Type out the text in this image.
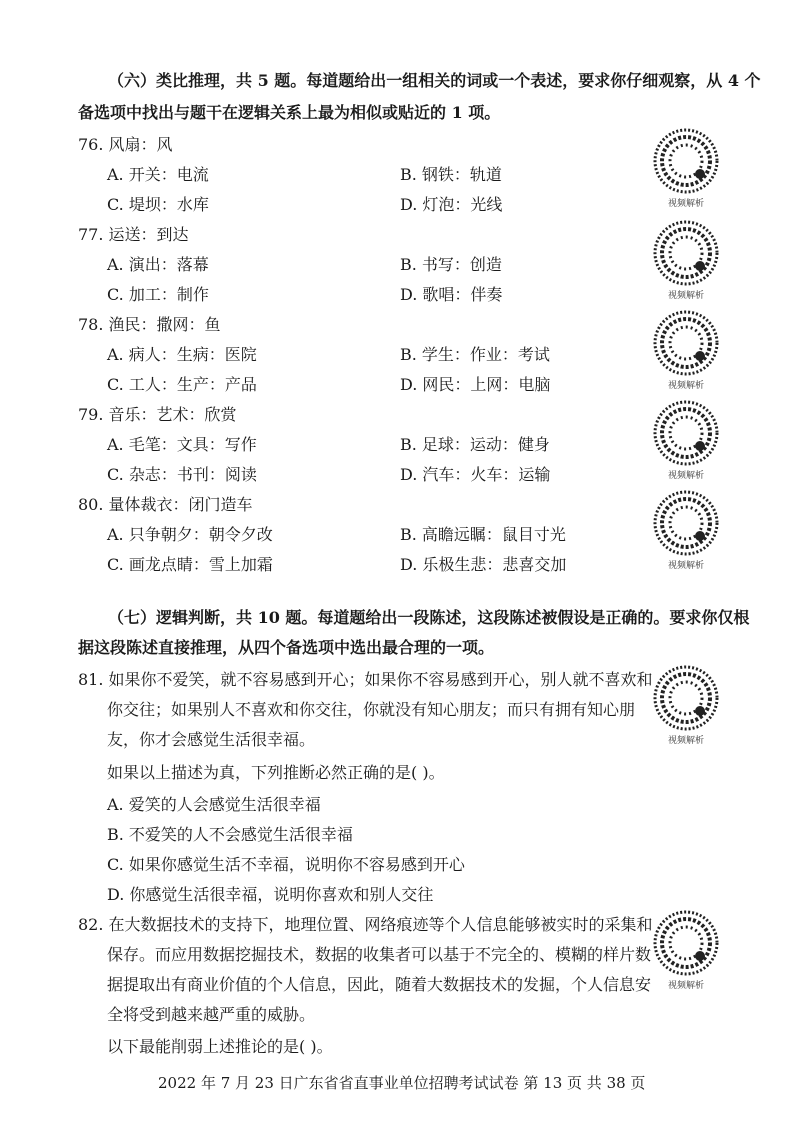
（六）类比推理，共 5 题。每道题给出一组相关的词或一个表述，要求你仔细观察，从 4 个
备选项中找出与题干在逻辑关系上最为相似或贴近的 1 项。
76. 风扇：风
A. 开关：电流	B. 钢铁：轨道
C. 堤坝：水库	D. 灯泡：光线
77. 运送：到达
A. 演出：落幕	B. 书写：创造
C. 加工：制作	D. 歌唱：伴奏
78. 渔民：撒网：鱼
A. 病人：生病：医院	B. 学生：作业：考试
C. 工人：生产：产品	D. 网民：上网：电脑
79. 音乐：艺术：欣赏
A. 毛笔：文具：写作	B. 足球：运动：健身
C. 杂志：书刊：阅读	D. 汽车：火车：运输
80. 量体裁衣：闭门造车
A. 只争朝夕：朝令夕改	B. 高瞻远瞩：鼠目寸光
C. 画龙点睛：雪上加霜	D. 乐极生悲：悲喜交加
（七）逻辑判断，共 10 题。每道题给出一段陈述，这段陈述被假设是正确的。要求你仅根
据这段陈述直接推理，从四个备选项中选出最合理的一项。
81. 如果你不爱笑，就不容易感到开心；如果你不容易感到开心，别人就不喜欢和
你交往；如果别人不喜欢和你交往，你就没有知心朋友；而只有拥有知心朋
友，你才会感觉生活很幸福。
如果以上描述为真，下列推断必然正确的是( )。
A. 爱笑的人会感觉生活很幸福
B. 不爱笑的人不会感觉生活很幸福
C. 如果你感觉生活不幸福，说明你不容易感到开心
D. 你感觉生活很幸福，说明你喜欢和别人交往
82. 在大数据技术的支持下，地理位置、网络痕迹等个人信息能够被实时的采集和
保存。而应用数据挖掘技术，数据的收集者可以基于不完全的、模糊的样片数
据提取出有商业价值的个人信息，因此，随着大数据技术的发掘，个人信息安
全将受到越来越严重的威胁。
以下最能削弱上述推论的是( )。
视频解析
视频解析
视频解析
视频解析
视频解析
视频解析
视频解析
2022 年 7 月 23 日广东省省直事业单位招聘考试试卷 第 13 页 共 38 页
